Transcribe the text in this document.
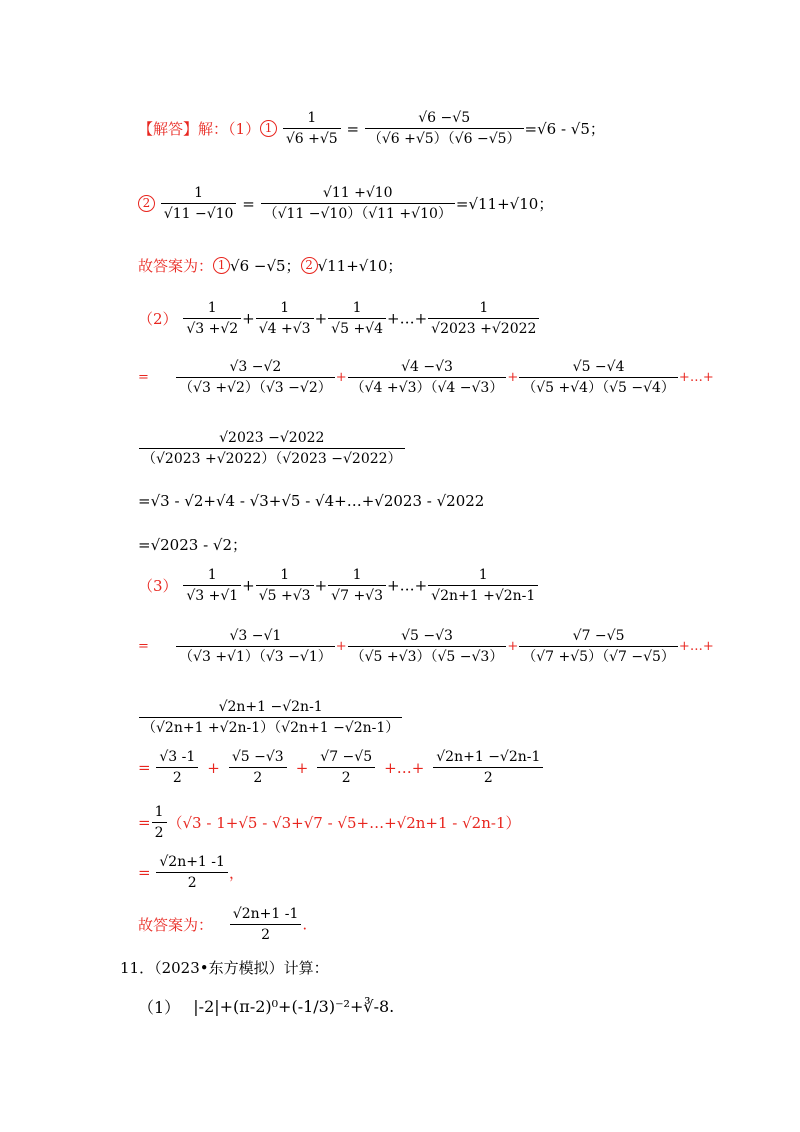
【解答】解：（1） $1 \frac{1}{√6 +√5} = \frac{√6 -√5}{(√6 +√5)(√6 -√5)} =√6 - √5$；
$2 \frac{1}{√11 -√10} = \frac{√11 +√10}{(√11 -√10)(√11 +√10)} =√11+√10$；
故答案为： 1 √6 −√5； 2 √11+√10；
$(2) \frac{1}{√3 +√2} + \frac{1}{√4 +√3} + \frac{1}{√5 +√4}$ +…+ $\frac{1}{√2023 +√2022}$
= $\frac{√3 -√2}{(√3 +√2)(√3 -√2)} + \frac{√4 -√3}{(√4 +√3)(√4 -√3)} + \frac{√5 -√4}{(√5 +√4)(√5 -√4)}$ +…+
$\frac{√2023 -√2022}{(√2023 +√2022)(√2023 -√2022)}$
=√3 - √2+√4 - √3+√5 - √4+…+√2023 - √2022
=√2023 - √2；
$(3) \frac{1}{√3 +√1} + \frac{1}{√5 +√3} + \frac{1}{√7 +√3}$ +…+ $\frac{1}{√2n+1 +√2n-1}$
= $\frac{√3 -√1}{(√3 +√1)(√3 -√1)} + \frac{√5 -√3}{(√5 +√3)(√5 -√3)} + \frac{√7 -√5}{(√7 +√5)(√7 -√5)}$ +…+
$\frac{√2n+1 -√2n-1}{(√2n+1 +√2n-1)(√2n+1 -√2n-1)}$
= $\frac{√3 -1}{2} + \frac{√5 -√3}{2} + \frac{√7 -√5}{2}$ +…+ $\frac{√2n+1 -√2n-1}{2}$
= $\frac{1}{2} (√3 - 1+√5 - √3+√7$ - √5+…+√2n+1 - √2n-1）
= $\frac{√2n+1 -1}{2}$ ，
故答案为： $\frac{√2n+1 -1}{2}$ .
11．（2023•东方模拟）计算：
（1） |-2|+(π-2)⁰+(-1/3)⁻²+∛-8.
